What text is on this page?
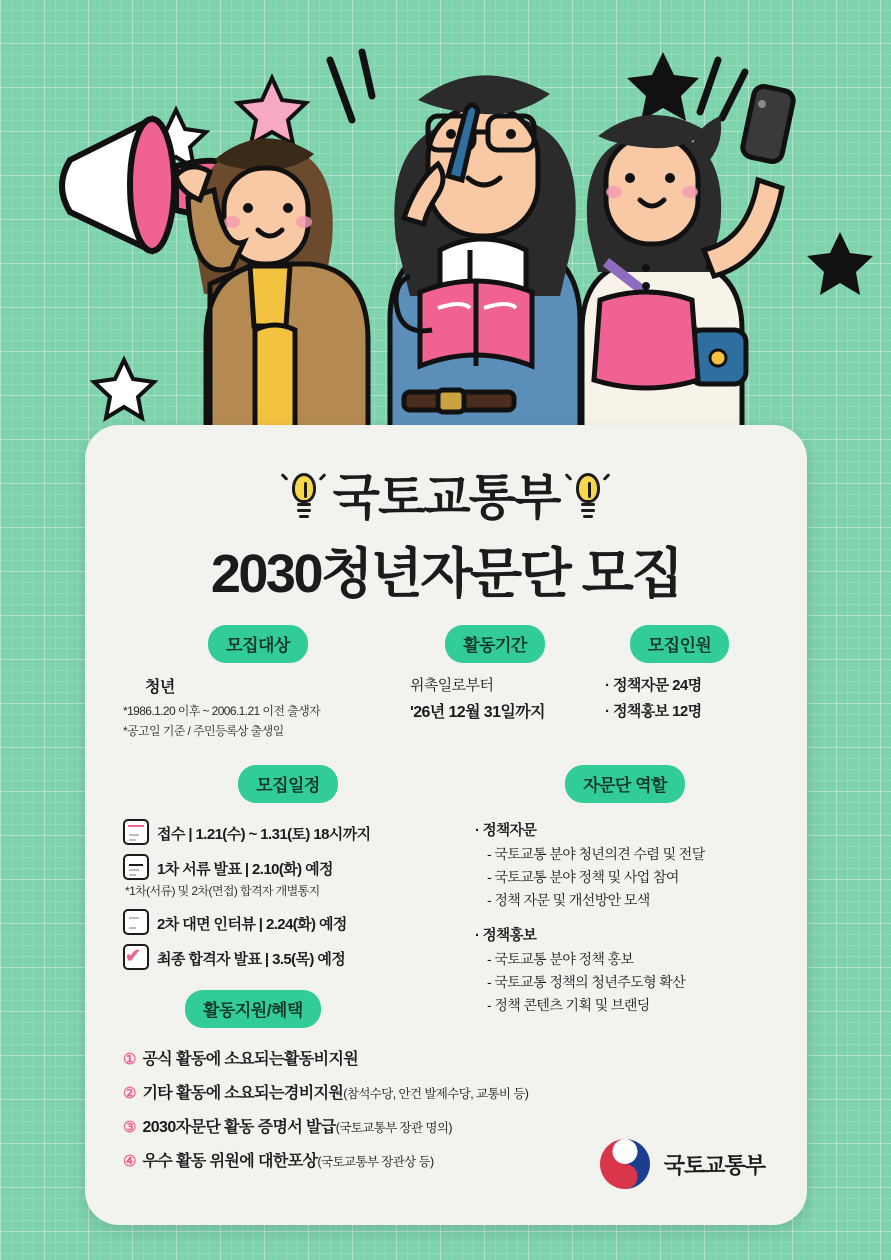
국토교통부
2030청년자문단 모집
모집대상
청년
*1986.1.20 이후 ~ 2006.1.21 이전 출생자
*공고일 기준 / 주민등록상 출생일
활동기간
위촉일로부터
'26년 12월 31일까지
모집인원
· 정책자문 24명
· 정책홍보 12명
모집일정
접수 | 1.21(수) ~ 1.31(토) 18시까지
1차 서류 발표 | 2.10(화) 예정
*1차(서류) 및 2차(면접) 합격자 개별통지
2차 대면 인터뷰 | 2.24(화) 예정
✔	최종 합격자 발표 | 3.5(목) 예정
자문단 역할
· 정책자문
- 국토교통 분야 청년의견 수렴 및 전달
- 국토교통 분야 정책 및 사업 참여
- 정책 자문 및 개선방안 모색
· 정책홍보
- 국토교통 분야 정책 홍보
- 국토교통 정책의 청년주도형 확산
- 정책 콘텐츠 기획 및 브랜딩
활동지원/혜택
① 공식 활동에 소요되는 활동비 지원
② 기타 활동에 소요되는 경비 지원 (참석수당, 안건 발제수당, 교통비 등)
③ 2030자문단 활동 증명서 발급 (국토교통부 장관 명의)
④ 우수 활동 위원에 대한 포상 (국토교통부 장관상 등)	국토교통부
